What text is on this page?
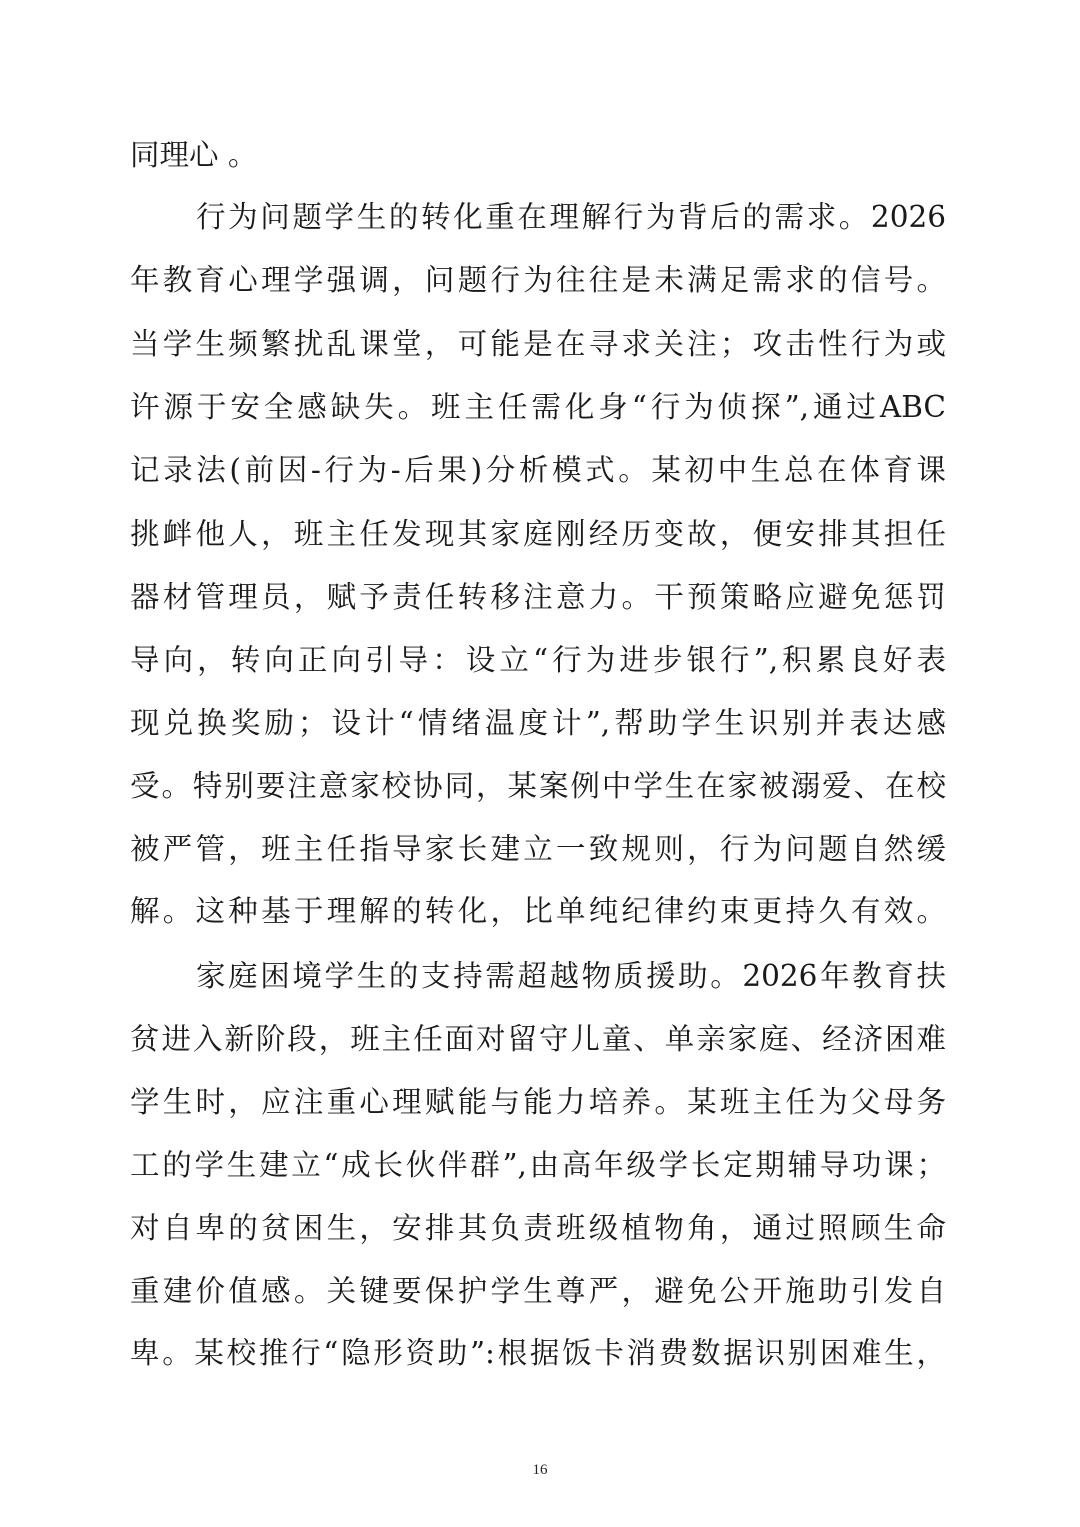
同理心 。
行为问题学生的转化重在理解行为背后的需求。2026
年教育心理学强调，问题行为往往是未满足需求的信号。
当学生频繁扰乱课堂，可能是在寻求关注；攻击性行为或
许源于安全感缺失。班主任需化身“行为侦探”,通过ABC
记录法(前因-行为-后果)分析模式。某初中生总在体育课
挑衅他人，班主任发现其家庭刚经历变故，便安排其担任
器材管理员，赋予责任转移注意力。干预策略应避免惩罚
导向，转向正向引导：设立“行为进步银行”,积累良好表
现兑换奖励；设计“情绪温度计”,帮助学生识别并表达感
受。特别要注意家校协同，某案例中学生在家被溺爱、在校
被严管，班主任指导家长建立一致规则，行为问题自然缓
解。这种基于理解的转化，比单纯纪律约束更持久有效。
家庭困境学生的支持需超越物质援助。2026年教育扶
贫进入新阶段，班主任面对留守儿童、单亲家庭、经济困难
学生时，应注重心理赋能与能力培养。某班主任为父母务
工的学生建立“成长伙伴群”,由高年级学长定期辅导功课；
对自卑的贫困生，安排其负责班级植物角，通过照顾生命
重建价值感。关键要保护学生尊严，避免公开施助引发自
卑。某校推行“隐形资助”:根据饭卡消费数据识别困难生，
16
